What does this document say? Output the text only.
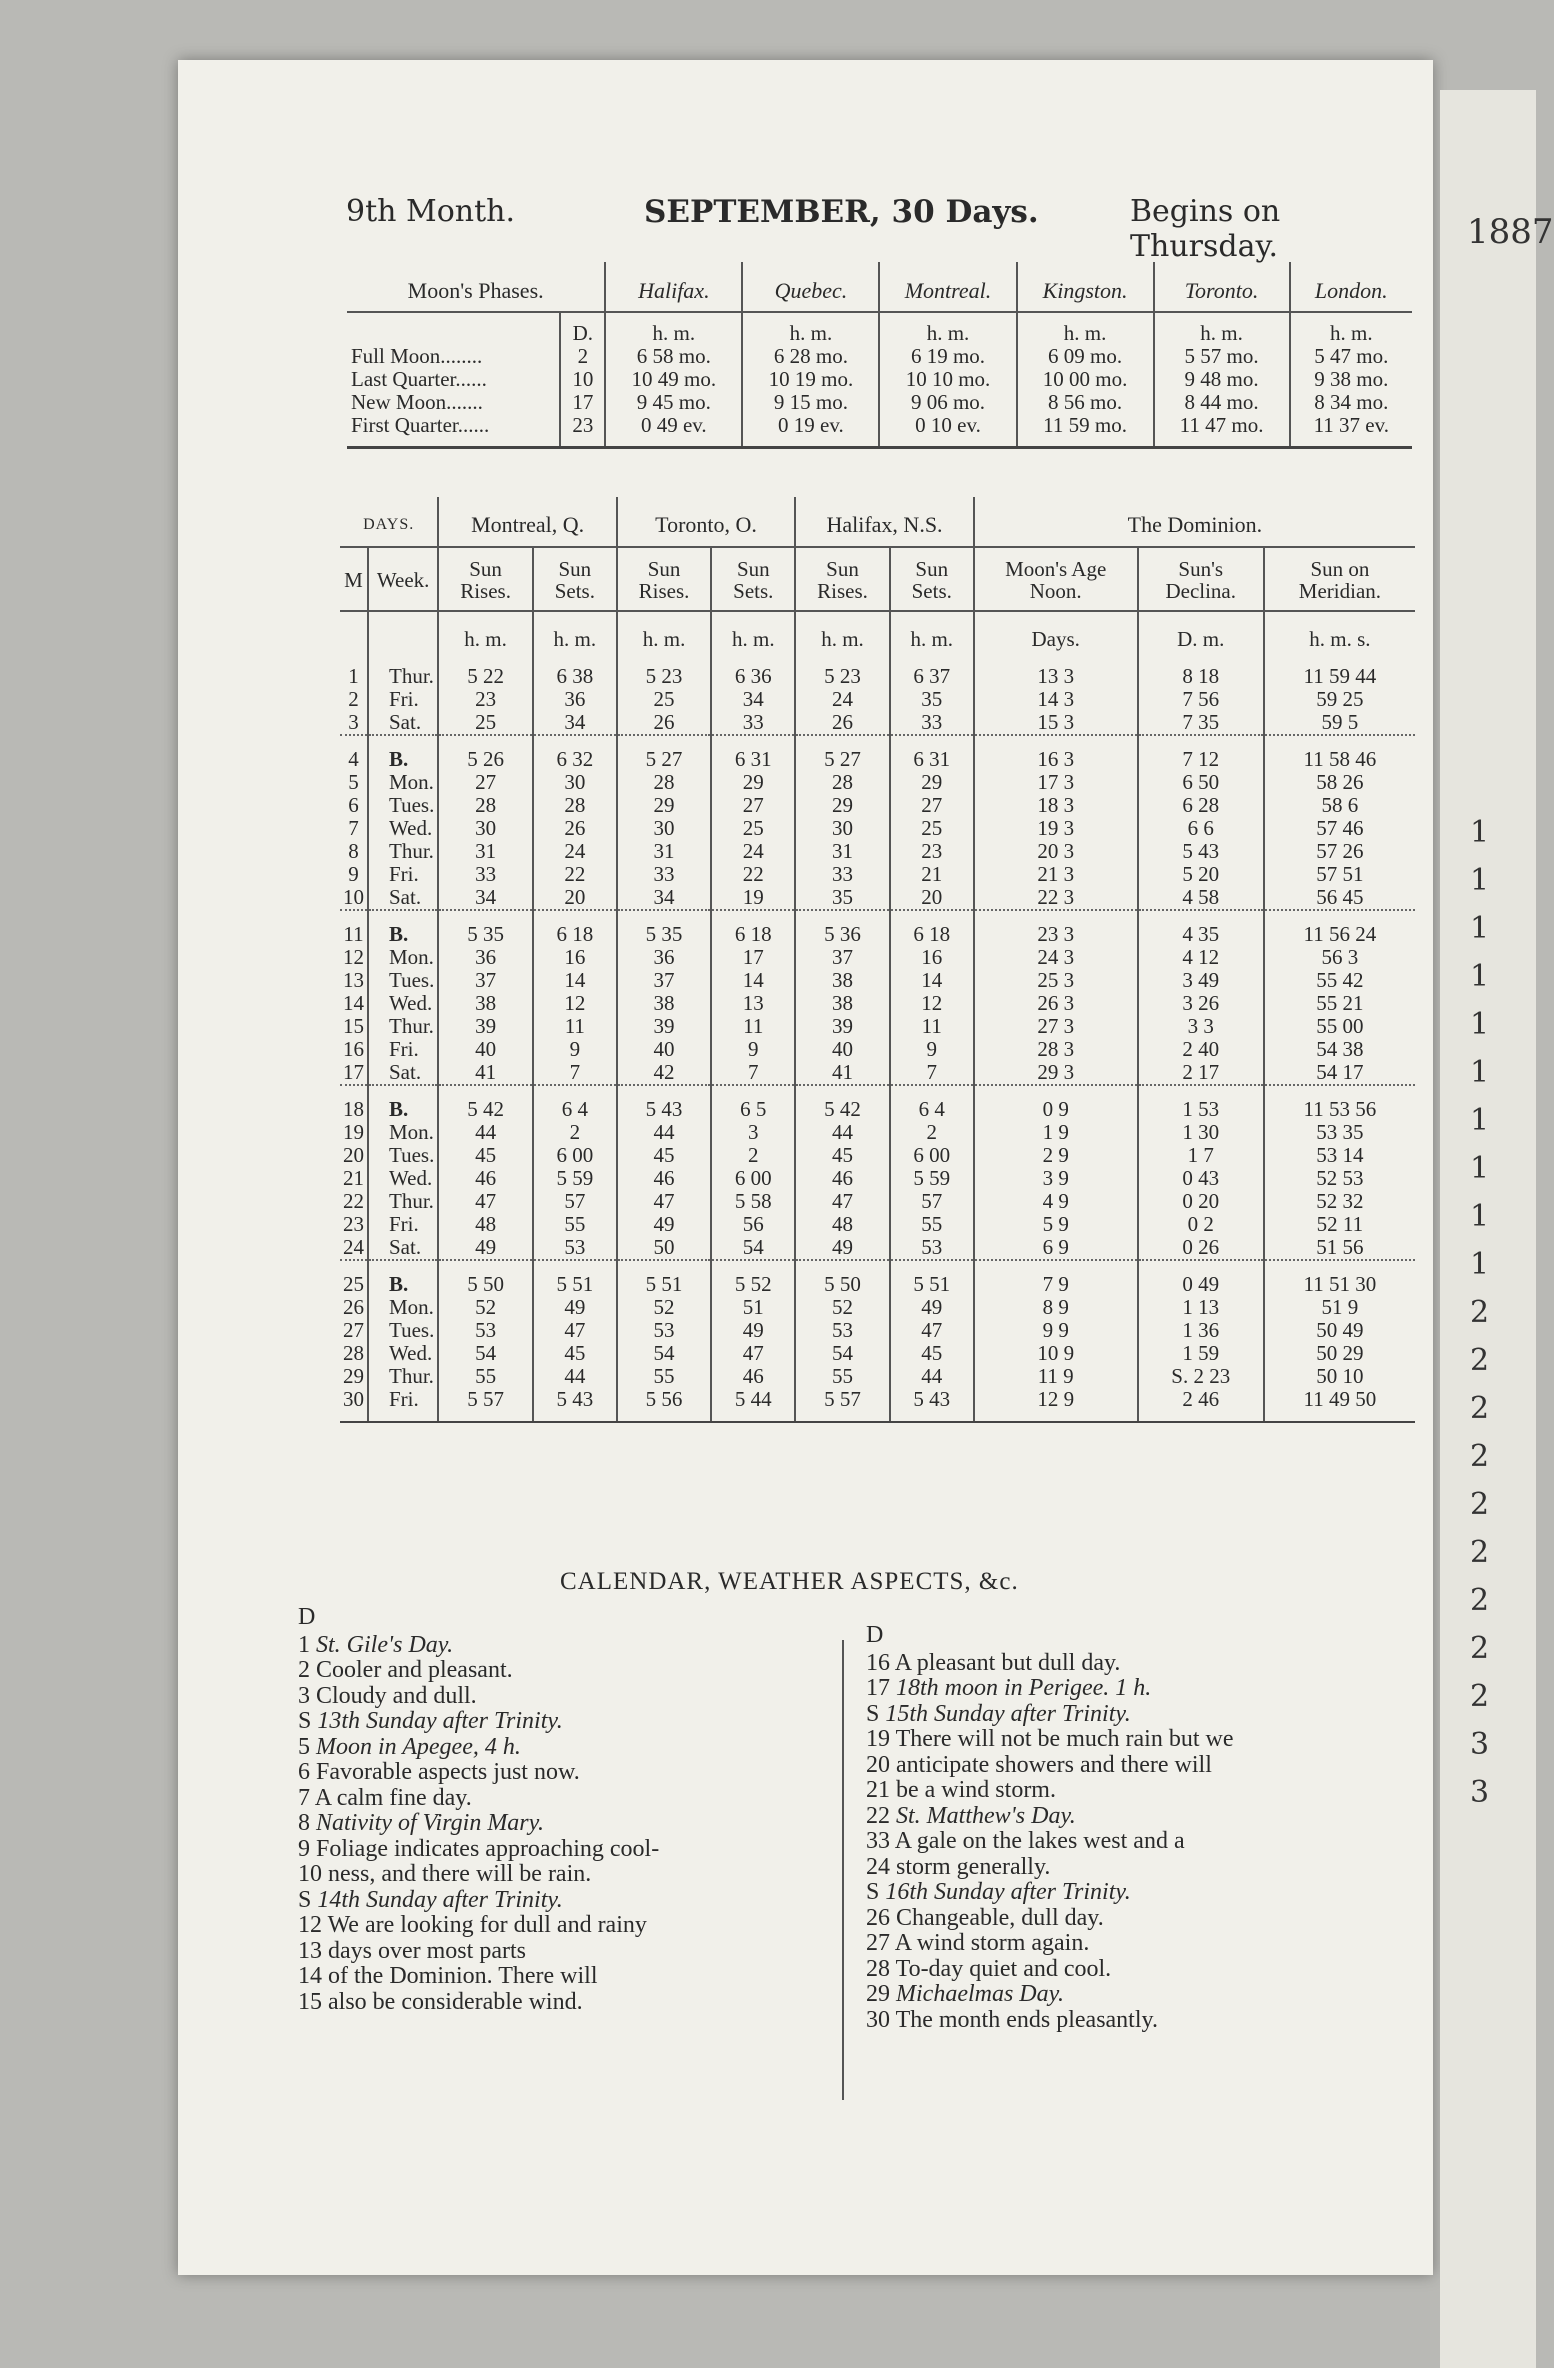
9th Month.	SEPTEMBER, 30 Days.	Begins on Thursday.	1887
Moon's Phases.		Halifax.	Quebec.	Montreal.	Kingston.	Toronto.	London.
	D.	h. m.	h. m.	h. m.	h. m.	h. m.	h. m.
Full Moon........	2	6 58 mo.	6 28 mo.	6 19 mo.	6 09 mo.	5 57 mo.	5 47 mo.
Last Quarter......	10	10 49 mo.	10 19 mo.	10 10 mo.	10 00 mo.	9 48 mo.	9 38 mo.
New Moon.......	17	9 45 mo.	9 15 mo.	9 06 mo.	8 56 mo.	8 44 mo.	8 34 mo.
First Quarter......	23	0 49 ev.	0 19 ev.	0 10 ev.	11 59 mo.	11 47 mo.	11 37 ev.
DAYS.		Montreal, Q.		Toronto, O.		Halifax, N.S.		The Dominion.		
M	Week.	Sun Rises.	Sun Sets.	Sun Rises.	Sun Sets.	Sun Rises.	Sun Sets.	Moon's Age Noon.	Sun's Declina.	Sun on Meridian.
		h. m.	h. m.	h. m.	h. m.	h. m.	h. m.	Days.	D. m.	h. m. s.
1	Thur.	5 22	6 38	5 23	6 36	5 23	6 37	13 3	8 18	11 59 44
2	Fri.	23	36	25	34	24	35	14 3	7 56	59 25
3	Sat.	25	34	26	33	26	33	15 3	7 35	59 5
4	B.	5 26	6 32	5 27	6 31	5 27	6 31	16 3	7 12	11 58 46
5	Mon.	27	30	28	29	28	29	17 3	6 50	58 26
6	Tues.	28	28	29	27	29	27	18 3	6 28	58 6
7	Wed.	30	26	30	25	30	25	19 3	6 6	57 46
8	Thur.	31	24	31	24	31	23	20 3	5 43	57 26
9	Fri.	33	22	33	22	33	21	21 3	5 20	57 51
10	Sat.	34	20	34	19	35	20	22 3	4 58	56 45
11	B.	5 35	6 18	5 35	6 18	5 36	6 18	23 3	4 35	11 56 24
12	Mon.	36	16	36	17	37	16	24 3	4 12	56 3
13	Tues.	37	14	37	14	38	14	25 3	3 49	55 42
14	Wed.	38	12	38	13	38	12	26 3	3 26	55 21
15	Thur.	39	11	39	11	39	11	27 3	3 3	55 00
16	Fri.	40	9	40	9	40	9	28 3	2 40	54 38
17	Sat.	41	7	42	7	41	7	29 3	2 17	54 17
18	B.	5 42	6 4	5 43	6 5	5 42	6 4	0 9	1 53	11 53 56
19	Mon.	44	2	44	3	44	2	1 9	1 30	53 35
20	Tues.	45	6 00	45	2	45	6 00	2 9	1 7	53 14
21	Wed.	46	5 59	46	6 00	46	5 59	3 9	0 43	52 53
22	Thur.	47	57	47	5 58	47	57	4 9	0 20	52 32
23	Fri.	48	55	49	56	48	55	5 9	0 2	52 11
24	Sat.	49	53	50	54	49	53	6 9	0 26	51 56
25	B.	5 50	5 51	5 51	5 52	5 50	5 51	7 9	0 49	11 51 30
26	Mon.	52	49	52	51	52	49	8 9	1 13	51 9
27	Tues.	53	47	53	49	53	47	9 9	1 36	50 49
28	Wed.	54	45	54	47	54	45	10 9	1 59	50 29
29	Thur.	55	44	55	46	55	44	11 9	S. 2 23	50 10
30	Fri.	5 57	5 43	5 56	5 44	5 57	5 43	12 9	2 46	11 49 50
CALENDAR, WEATHER ASPECTS, &c.
D
1 St. Gile's Day.
2 Cooler and pleasant.
3 Cloudy and dull.
S 13th Sunday after Trinity.
5 Moon in Apegee, 4 h.
6 Favorable aspects just now.
7 A calm fine day.
8 Nativity of Virgin Mary.
9 Foliage indicates approaching cool-
10 ness, and there will be rain.
S 14th Sunday after Trinity.
12 We are looking for dull and rainy
13 days over most parts
14 of the Dominion. There will
15 also be considerable wind.
D
16 A pleasant but dull day.
17 18th moon in Perigee. 1 h.
S 15th Sunday after Trinity.
19 There will not be much rain but we
20 anticipate showers and there will
21 be a wind storm.
22 St. Matthew's Day.
33 A gale on the lakes west and a
24 storm generally.
S 16th Sunday after Trinity.
26 Changeable, dull day.
27 A wind storm again.
28 To-day quiet and cool.
29 Michaelmas Day.
30 The month ends pleasantly.
1
1
1
1
1
1
1
1
1
1
2
2
2
2
2
2
2
2
2
3
3
